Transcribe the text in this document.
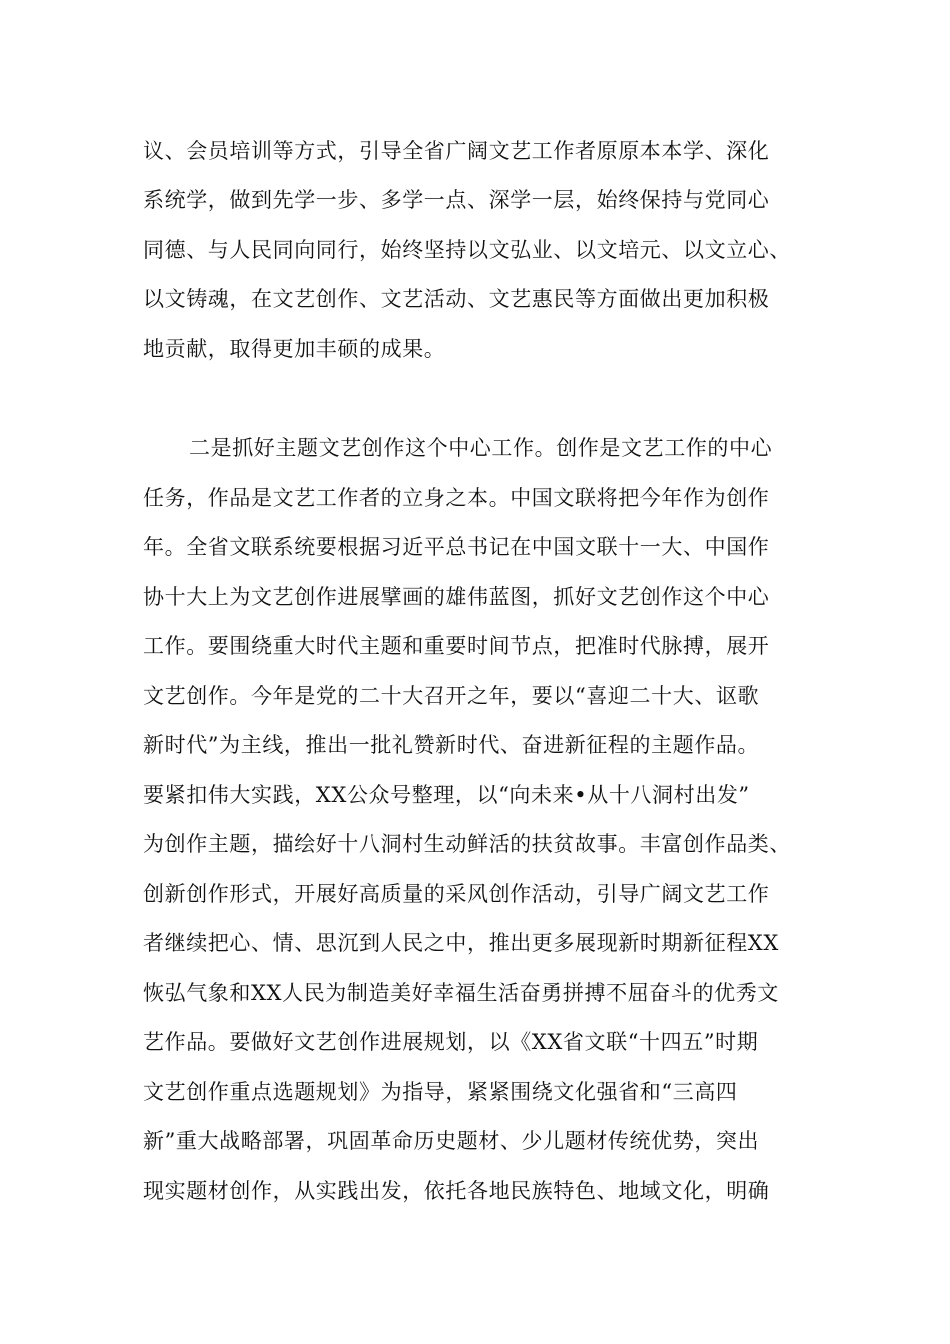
议、会员培训等方式，引导全省广阔文艺工作者原原本本学、深化
系统学，做到先学一步、多学一点、深学一层，始终保持与党同心
同德、与人民同向同行，始终坚持以文弘业、以文培元、以文立心、
以文铸魂，在文艺创作、文艺活动、文艺惠民等方面做出更加积极
地贡献，取得更加丰硕的成果。
二是抓好主题文艺创作这个中心工作。创作是文艺工作的中心
任务，作品是文艺工作者的立身之本。中国文联将把今年作为创作
年。全省文联系统要根据习近平总书记在中国文联十一大、中国作
协十大上为文艺创作进展擘画的雄伟蓝图，抓好文艺创作这个中心
工作。要围绕重大时代主题和重要时间节点，把准时代脉搏，展开
文艺创作。今年是党的二十大召开之年，要以“喜迎二十大、讴歌
新时代”为主线，推出一批礼赞新时代、奋进新征程的主题作品。
要紧扣伟大实践，XX公众号整理，以“向未来•从十八洞村出发”
为创作主题，描绘好十八洞村生动鲜活的扶贫故事。丰富创作品类、
创新创作形式，开展好高质量的采风创作活动，引导广阔文艺工作
者继续把心、情、思沉到人民之中，推出更多展现新时期新征程XX
恢弘气象和XX人民为制造美好幸福生活奋勇拼搏不屈奋斗的优秀文
艺作品。要做好文艺创作进展规划，以《XX省文联“十四五”时期
文艺创作重点选题规划》为指导，紧紧围绕文化强省和“三高四
新”重大战略部署，巩固革命历史题材、少儿题材传统优势，突出
现实题材创作，从实践出发，依托各地民族特色、地域文化，明确
